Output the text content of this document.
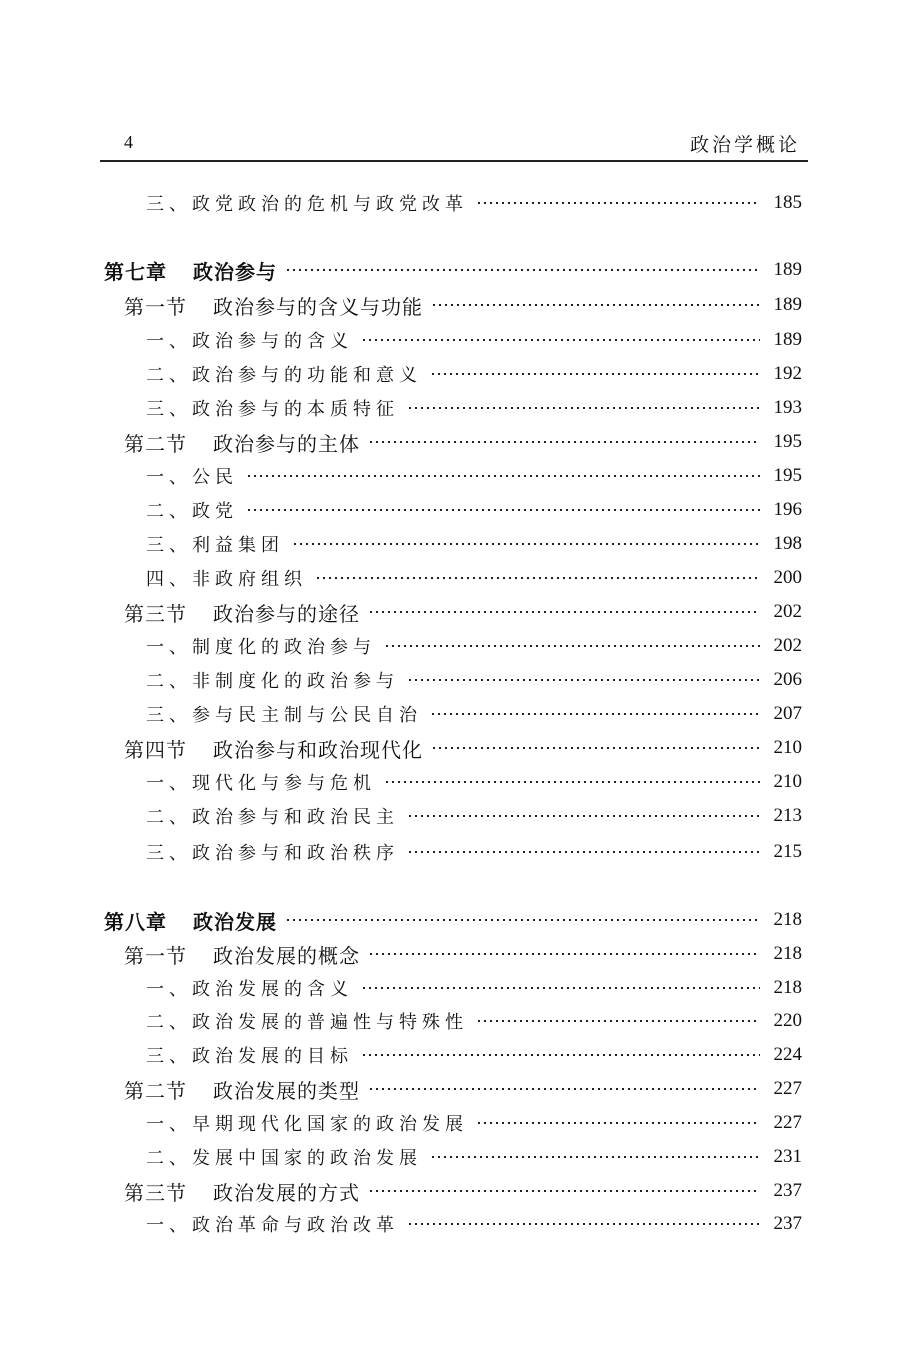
4	政治学概论
三、政党政治的危机与政党改革	185
第七章 政治参与	189
第一节 政治参与的含义与功能	189
一、政治参与的含义	189
二、政治参与的功能和意义	192
三、政治参与的本质特征	193
第二节 政治参与的主体	195
一、公民	195
二、政党	196
三、利益集团	198
四、非政府组织	200
第三节 政治参与的途径	202
一、制度化的政治参与	202
二、非制度化的政治参与	206
三、参与民主制与公民自治	207
第四节 政治参与和政治现代化	210
一、现代化与参与危机	210
二、政治参与和政治民主	213
三、政治参与和政治秩序	215
第八章 政治发展	218
第一节 政治发展的概念	218
一、政治发展的含义	218
二、政治发展的普遍性与特殊性	220
三、政治发展的目标	224
第二节 政治发展的类型	227
一、早期现代化国家的政治发展	227
二、发展中国家的政治发展	231
第三节 政治发展的方式	237
一、政治革命与政治改革	237
